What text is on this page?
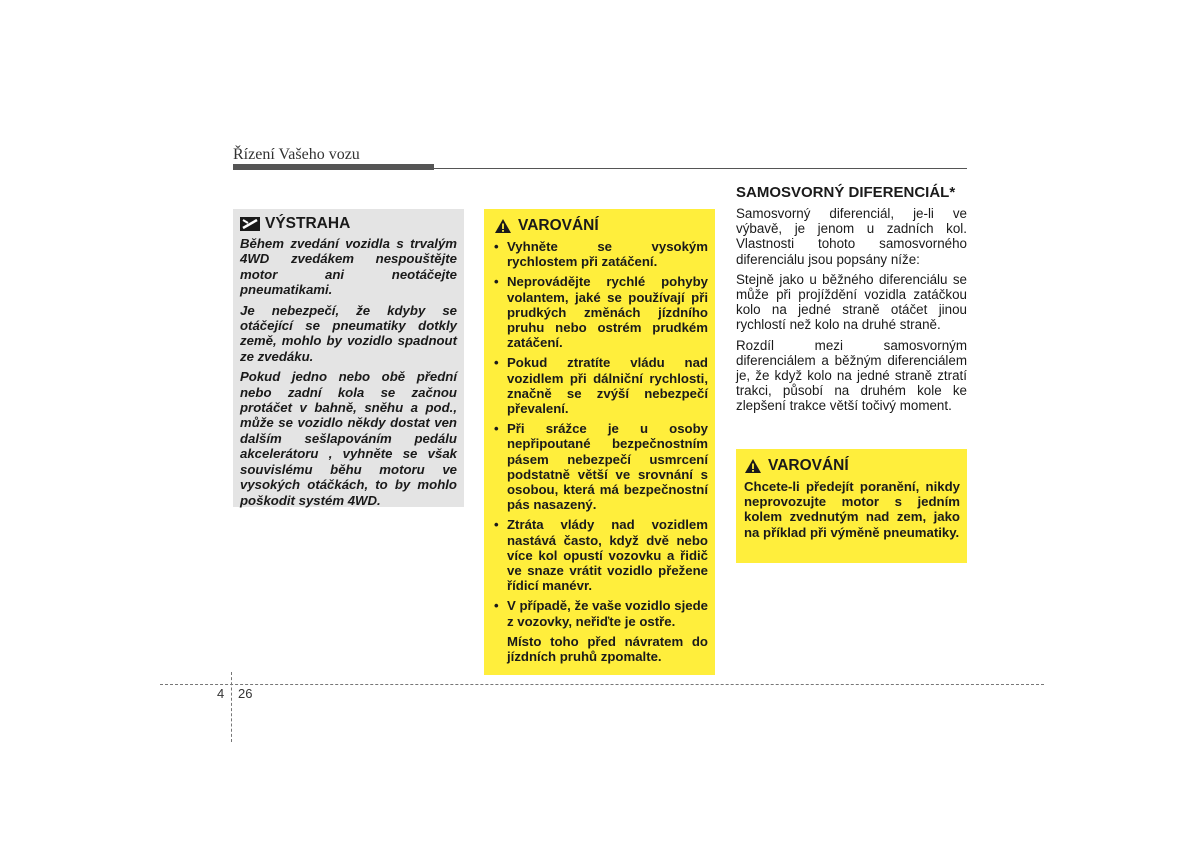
Řízení Vašeho vozu
VÝSTRAHA

Během zvedání vozidla s trvalým 4WD zvedákem nespouštějte motor ani neotáčejte pneumatikami.

Je nebezpečí, že kdyby se otáčející se pneumatiky dotkly země, mohlo by vozidlo spadnout ze zvedáku.

Pokud jedno nebo obě přední nebo zadní kola se začnou protáčet v bahně, sněhu a pod., může se vozidlo někdy dostat ven dalším sešlapováním pedálu akcelerátoru , vyhněte se však souvislému běhu motoru ve vysokých otáčkách, to by mohlo poškodit systém 4WD.

VAROVÁNÍ
• Vyhněte se vysokým rychlostem při zatáčení.
• Neprovádějte rychlé pohyby volantem, jaké se používají při prudkých změnách jízdního pruhu nebo ostrém prudkém zatáčení.
• Pokud ztratíte vládu nad vozidlem při dálniční rychlosti, značně se zvýší nebezpečí převalení.
• Při srážce je u osoby nepřipoutané bezpečnostním pásem nebezpečí usmrcení podstatně větší ve srovnání s osobou, která má bezpečnostní pás nasazený.
• Ztráta vlády nad vozidlem nastává často, když dvě nebo více kol opustí vozovku a řidič ve snaze vrátit vozidlo přežene řídicí manévr.
• V případě, že vaše vozidlo sjede z vozovky, neřiďte je ostře.

Místo toho před návratem do jízdních pruhů zpomalte.

SAMOSVORNÝ DIFERENCIÁL*

Samosvorný diferenciál, je-li ve výbavě, je jenom u zadních kol. Vlastnosti tohoto samosvorného diferenciálu jsou popsány níže:

Stejně jako u běžného diferenciálu se může při projíždění vozidla zatáčkou kolo na jedné straně otáčet jinou rychlostí než kolo na druhé straně.

Rozdíl mezi samosvorným diferenciálem a běžným diferenciálem je, že když kolo na jedné straně ztratí trakci, působí na druhém kole ke zlepšení trakce větší točivý moment.

VAROVÁNÍ

Chcete-li předejít poranění, nikdy neprovozujte motor s jedním kolem zvednutým nad zem, jako na příklad při výměně pneumatiky.

4 26
